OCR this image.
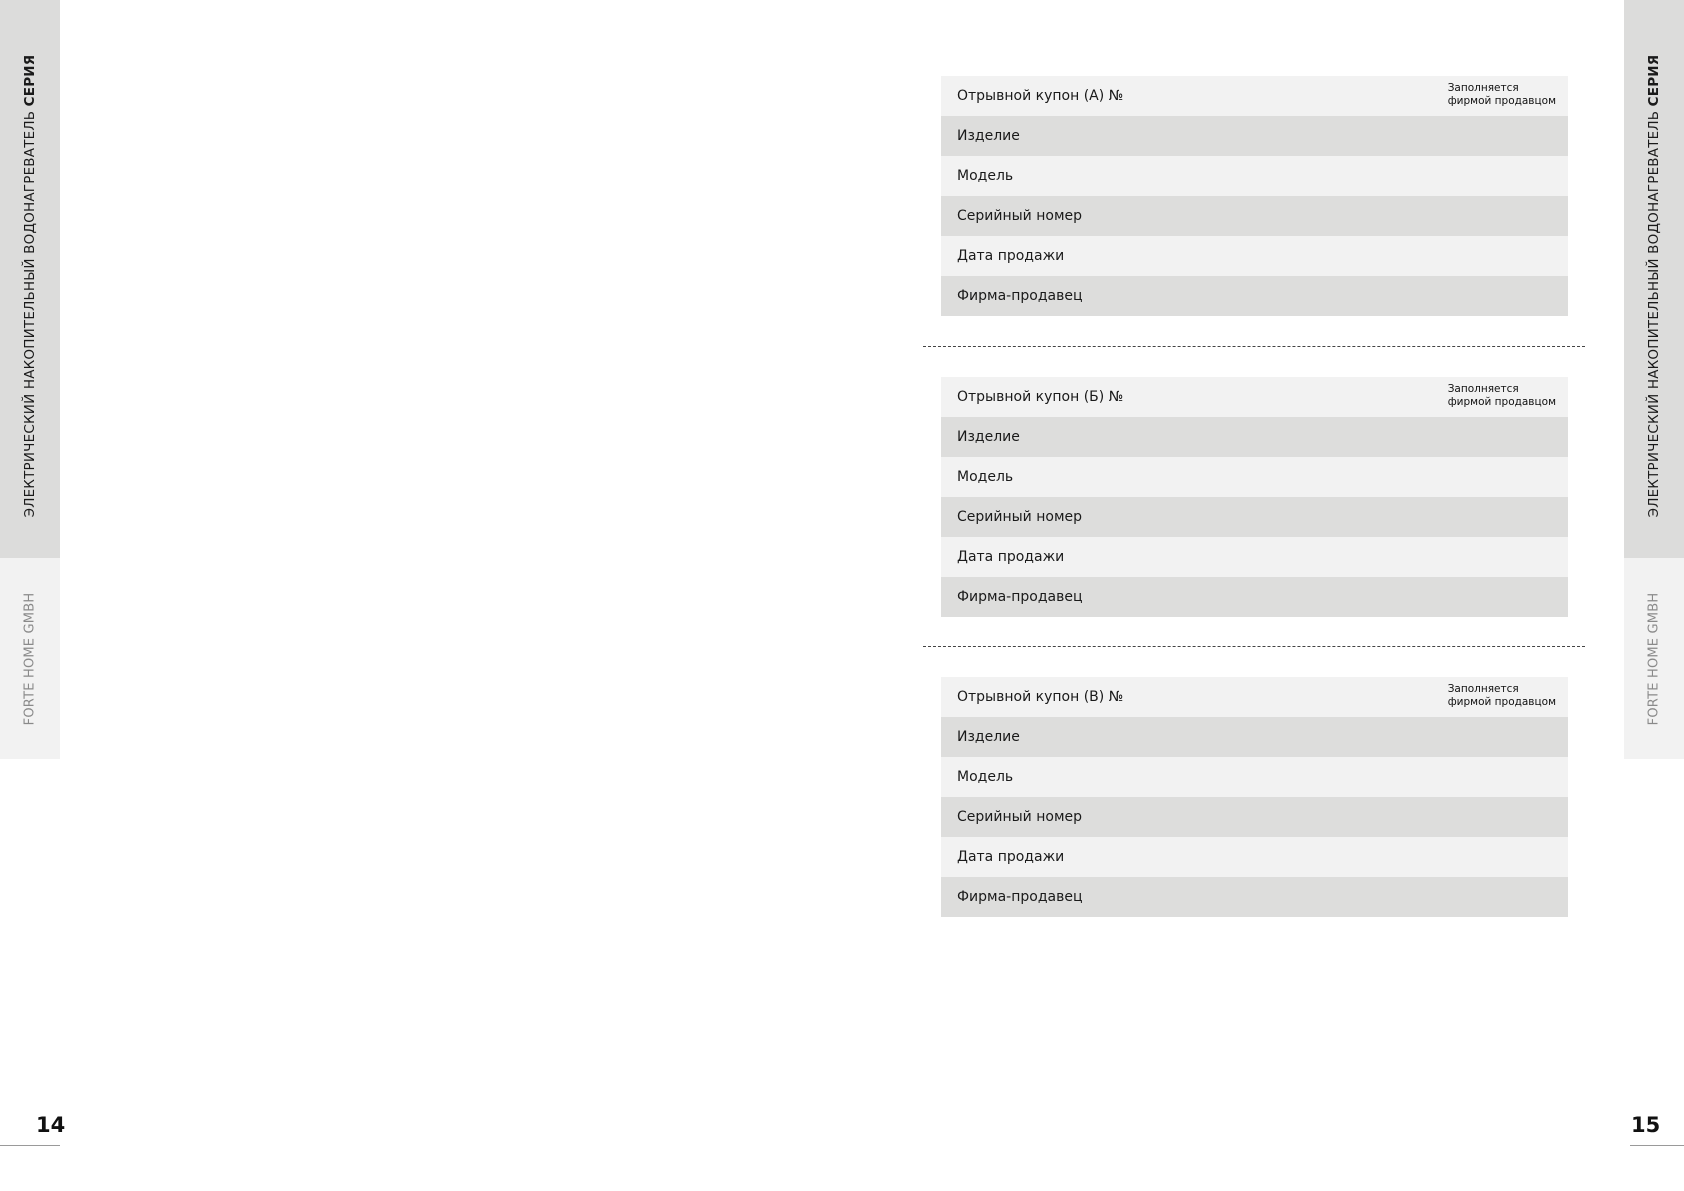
ЭЛЕКТРИЧЕСКИЙ НАКОПИТЕЛЬНЫЙ ВОДОНАГРЕВАТЕЛЬ СЕРИЯ
FORTE HOME GMBH
ЭЛЕКТРИЧЕСКИЙ НАКОПИТЕЛЬНЫЙ ВОДОНАГРЕВАТЕЛЬ СЕРИЯ
FORTE HOME GMBH
Отрывной купон (А) №	Заполняется
фирмой продавцом
Изделие
Модель
Серийный номер
Дата продажи
Фирма-продавец
Отрывной купон (Б) №	Заполняется
фирмой продавцом
Изделие
Модель
Серийный номер
Дата продажи
Фирма-продавец
Отрывной купон (В) №	Заполняется
фирмой продавцом
Изделие
Модель
Серийный номер
Дата продажи
Фирма-продавец
14	15
